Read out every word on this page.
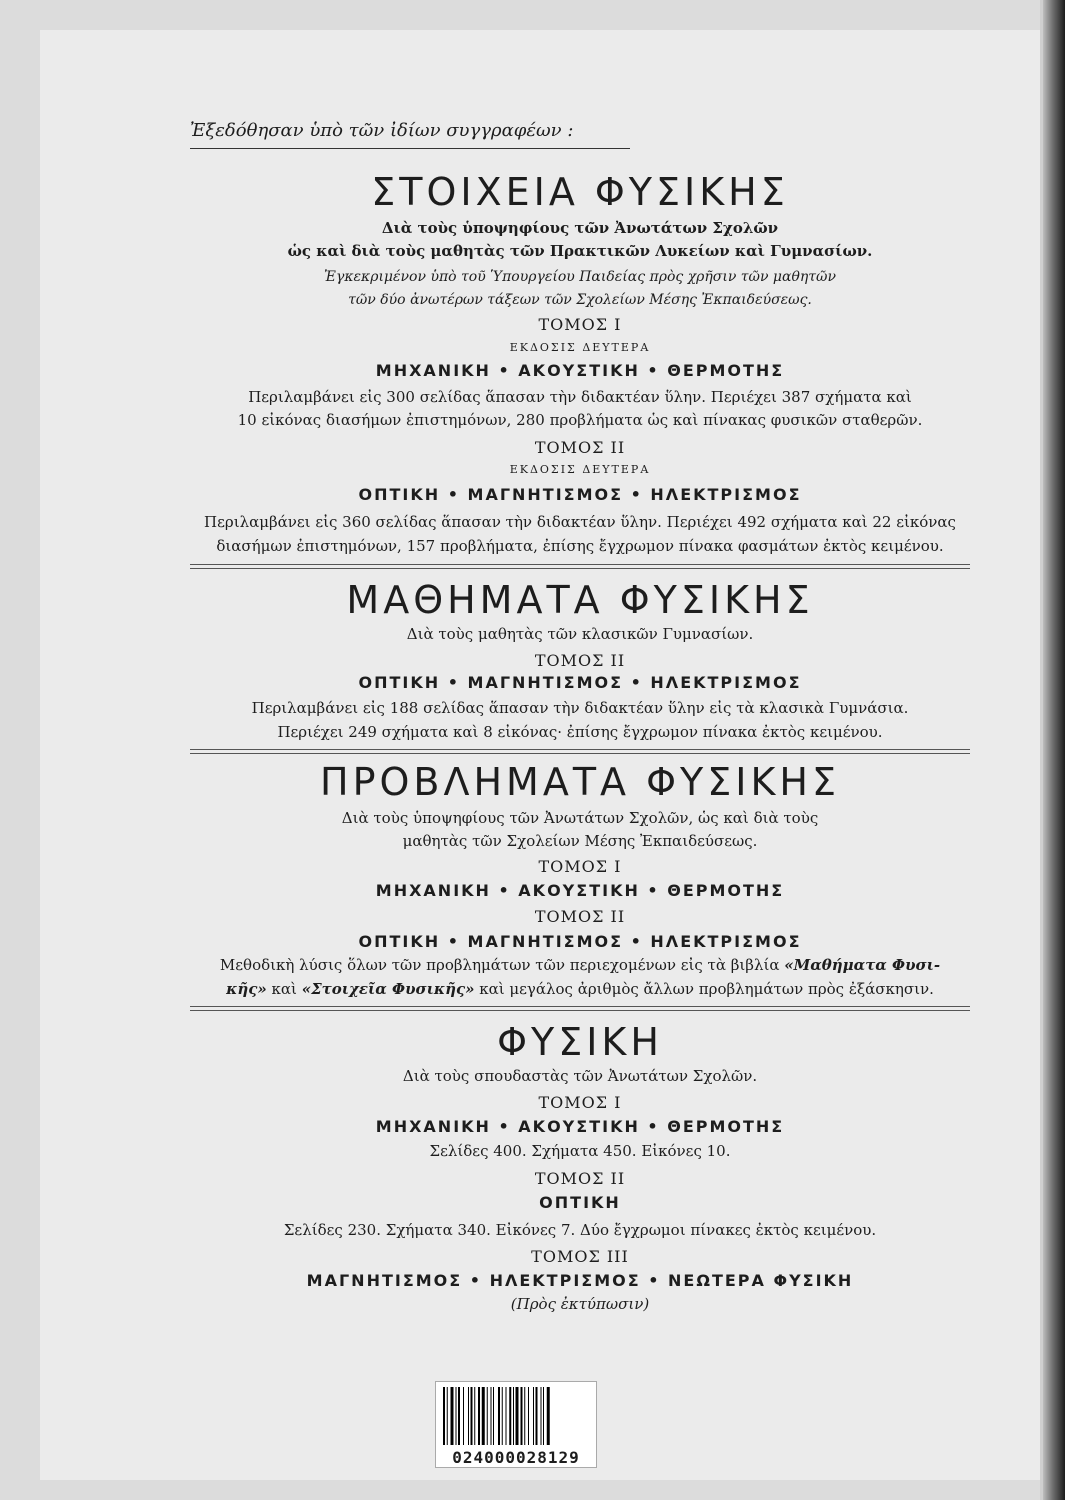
Ἐξεδόθησαν ὑπὸ τῶν ἰδίων συγγραφέων :
ΣΤΟΙΧΕΙΑ ΦΥΣΙΚΗΣ
Διὰ τοὺς ὑποψηφίους τῶν Ἀνωτάτων Σχολῶν
ὡς καὶ διὰ τοὺς μαθητὰς τῶν Πρακτικῶν Λυκείων καὶ Γυμνασίων.
Ἐγκεκριμένον ὑπὸ τοῦ Ὑπουργείου Παιδείας πρὸς χρῆσιν τῶν μαθητῶν
τῶν δύο ἀνωτέρων τάξεων τῶν Σχολείων Μέσης Ἐκπαιδεύσεως.
ΤΟΜΟΣ Ι
ΕΚΔΟΣΙΣ ΔΕΥΤΕΡΑ
ΜΗΧΑΝΙΚΗ • ΑΚΟΥΣΤΙΚΗ • ΘΕΡΜΟΤΗΣ
Περιλαμβάνει εἰς 300 σελίδας ἅπασαν τὴν διδακτέαν ὕλην. Περιέχει 387 σχήματα καὶ
10 εἰκόνας διασήμων ἐπιστημόνων, 280 προβλήματα ὡς καὶ πίνακας φυσικῶν σταθερῶν.
ΤΟΜΟΣ ΙΙ
ΕΚΔΟΣΙΣ ΔΕΥΤΕΡΑ
ΟΠΤΙΚΗ • ΜΑΓΝΗΤΙΣΜΟΣ • ΗΛΕΚΤΡΙΣΜΟΣ
Περιλαμβάνει εἰς 360 σελίδας ἅπασαν τὴν διδακτέαν ὕλην. Περιέχει 492 σχήματα καὶ 22 εἰκόνας
διασήμων ἐπιστημόνων, 157 προβλήματα, ἐπίσης ἔγχρωμον πίνακα φασμάτων ἐκτὸς κειμένου.
ΜΑΘΗΜΑΤΑ ΦΥΣΙΚΗΣ
Διὰ τοὺς μαθητὰς τῶν κλασικῶν Γυμνασίων.
ΤΟΜΟΣ ΙΙ
ΟΠΤΙΚΗ • ΜΑΓΝΗΤΙΣΜΟΣ • ΗΛΕΚΤΡΙΣΜΟΣ
Περιλαμβάνει εἰς 188 σελίδας ἅπασαν τὴν διδακτέαν ὕλην εἰς τὰ κλασικὰ Γυμνάσια.
Περιέχει 249 σχήματα καὶ 8 εἰκόνας· ἐπίσης ἔγχρωμον πίνακα ἐκτὸς κειμένου.
ΠΡΟΒΛΗΜΑΤΑ ΦΥΣΙΚΗΣ
Διὰ τοὺς ὑποψηφίους τῶν Ἀνωτάτων Σχολῶν, ὡς καὶ διὰ τοὺς
μαθητὰς τῶν Σχολείων Μέσης Ἐκπαιδεύσεως.
ΤΟΜΟΣ Ι
ΜΗΧΑΝΙΚΗ • ΑΚΟΥΣΤΙΚΗ • ΘΕΡΜΟΤΗΣ
ΤΟΜΟΣ ΙΙ
ΟΠΤΙΚΗ • ΜΑΓΝΗΤΙΣΜΟΣ • ΗΛΕΚΤΡΙΣΜΟΣ
Μεθοδικὴ λύσις ὅλων τῶν προβλημάτων τῶν περιεχομένων εἰς τὰ βιβλία «Μαθήματα Φυσι-
κῆς» καὶ «Στοιχεῖα Φυσικῆς» καὶ μεγάλος ἀριθμὸς ἄλλων προβλημάτων πρὸς ἐξάσκησιν.
ΦΥΣΙΚΗ
Διὰ τοὺς σπουδαστὰς τῶν Ἀνωτάτων Σχολῶν.
ΤΟΜΟΣ Ι
ΜΗΧΑΝΙΚΗ • ΑΚΟΥΣΤΙΚΗ • ΘΕΡΜΟΤΗΣ
Σελίδες 400. Σχήματα 450. Εἰκόνες 10.
ΤΟΜΟΣ ΙΙ
ΟΠΤΙΚΗ
Σελίδες 230. Σχήματα 340. Εἰκόνες 7. Δύο ἔγχρωμοι πίνακες ἐκτὸς κειμένου.
ΤΟΜΟΣ ΙΙΙ
ΜΑΓΝΗΤΙΣΜΟΣ • ΗΛΕΚΤΡΙΣΜΟΣ • ΝΕΩΤΕΡΑ ΦΥΣΙΚΗ
(Πρὸς ἐκτύπωσιν)
024000028129
